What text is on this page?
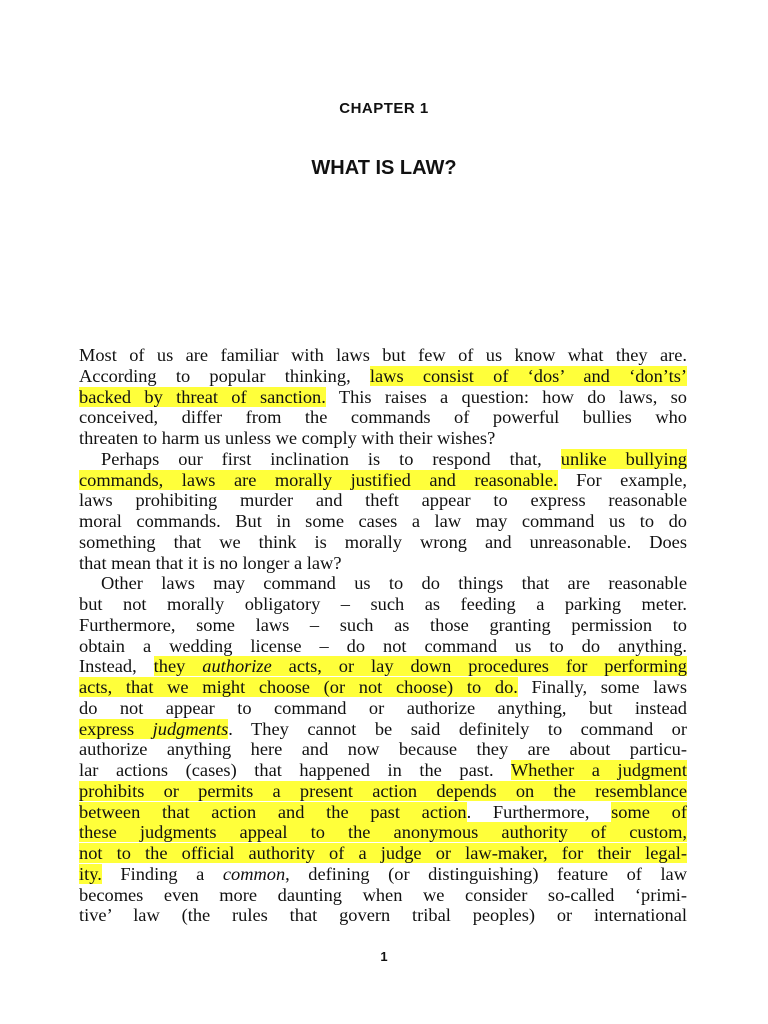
CHAPTER 1
WHAT IS LAW?
Most of us are familiar with laws but few of us know what they are.
According to popular thinking, laws consist of ‘dos’ and ‘don’ts’
backed by threat of sanction. This raises a question: how do laws, so
conceived, differ from the commands of powerful bullies who
threaten to harm us unless we comply with their wishes?
Perhaps our first inclination is to respond that, unlike bullying
commands, laws are morally justified and reasonable. For example,
laws prohibiting murder and theft appear to express reasonable
moral commands. But in some cases a law may command us to do
something that we think is morally wrong and unreasonable. Does
that mean that it is no longer a law?
Other laws may command us to do things that are reasonable
but not morally obligatory – such as feeding a parking meter.
Furthermore, some laws – such as those granting permission to
obtain a wedding license – do not command us to do anything.
Instead, they authorize acts, or lay down procedures for performing
acts, that we might choose (or not choose) to do. Finally, some laws
do not appear to command or authorize anything, but instead
express judgments. They cannot be said definitely to command or
authorize anything here and now because they are about particu-
lar actions (cases) that happened in the past. Whether a judgment
prohibits or permits a present action depends on the resemblance
between that action and the past action. Furthermore, some of
these judgments appeal to the anonymous authority of custom,
not to the official authority of a judge or law-maker, for their legal-
ity. Finding a common, defining (or distinguishing) feature of law
becomes even more daunting when we consider so-called ‘primi-
tive’ law (the rules that govern tribal peoples) or international
1
